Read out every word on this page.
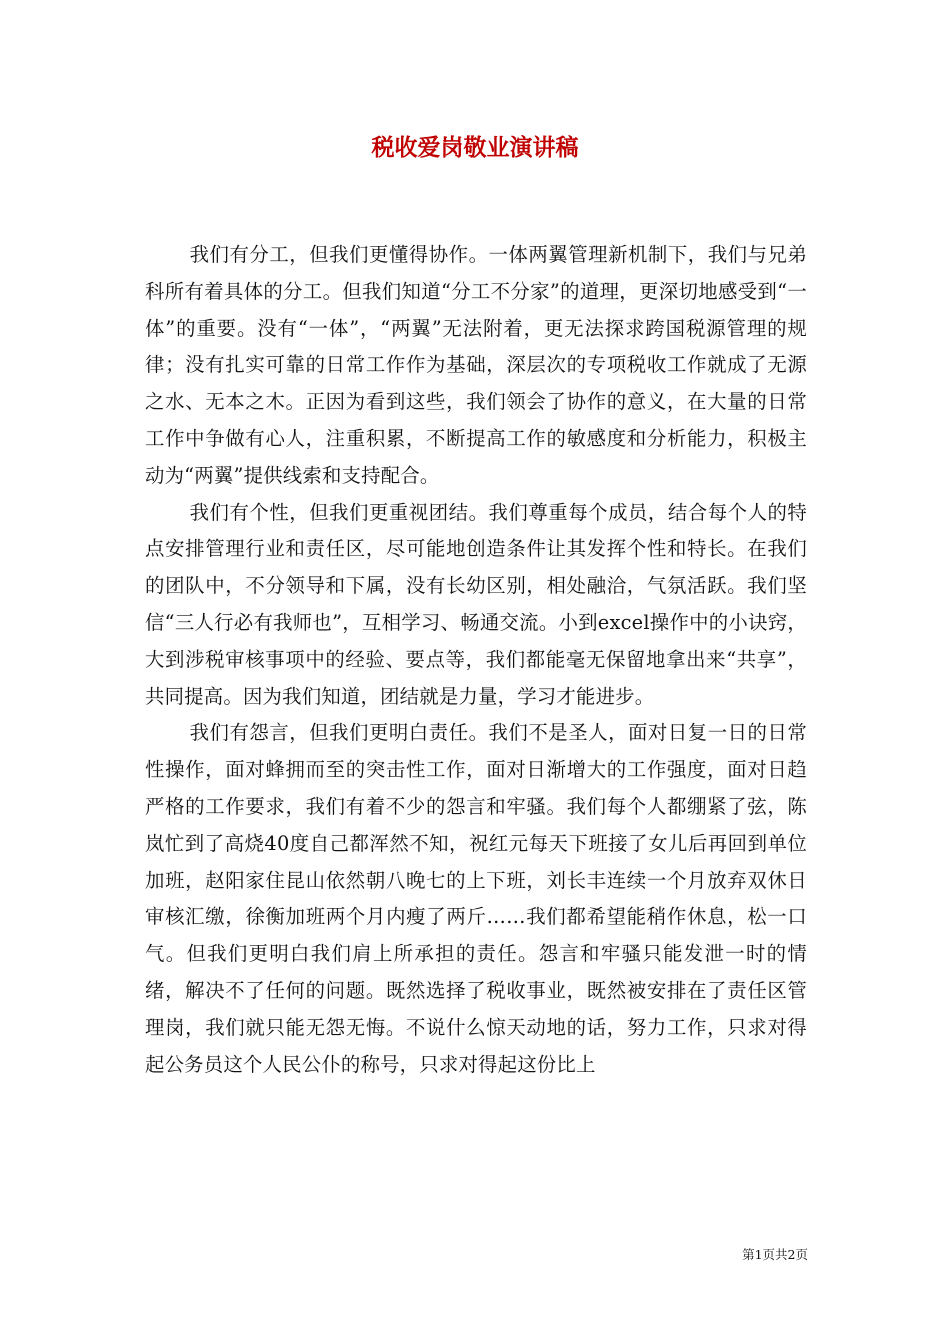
税收爱岗敬业演讲稿

我们有分工，但我们更懂得协作。一体两翼管理新机制下，我们与兄弟科所有着具体的分工。但我们知道“分工不分家”的道理，更深切地感受到“一体”的重要。没有“一体”，“两翼”无法附着，更无法探求跨国税源管理的规律；没有扎实可靠的日常工作作为基础，深层次的专项税收工作就成了无源之水、无本之木。正因为看到这些，我们领会了协作的意义，在大量的日常工作中争做有心人，注重积累，不断提高工作的敏感度和分析能力，积极主动为“两翼”提供线索和支持配合。

我们有个性，但我们更重视团结。我们尊重每个成员，结合每个人的特点安排管理行业和责任区，尽可能地创造条件让其发挥个性和特长。在我们的团队中，不分领导和下属，没有长幼区别，相处融洽，气氛活跃。我们坚信“三人行必有我师也”，互相学习、畅通交流。小到excel操作中的小诀窍，大到涉税审核事项中的经验、要点等，我们都能毫无保留地拿出来“共享”，共同提高。因为我们知道，团结就是力量，学习才能进步。

我们有怨言，但我们更明白责任。我们不是圣人，面对日复一日的日常性操作，面对蜂拥而至的突击性工作，面对日渐增大的工作强度，面对日趋严格的工作要求，我们有着不少的怨言和牢骚。我们每个人都绷紧了弦，陈岚忙到了高烧40度自己都浑然不知，祝红元每天下班接了女儿后再回到单位加班，赵阳家住昆山依然朝八晚七的上下班，刘长丰连续一个月放弃双休日审核汇缴，徐衡加班两个月内瘦了两斤……我们都希望能稍作休息，松一口气。但我们更明白我们肩上所承担的责任。怨言和牢骚只能发泄一时的情绪，解决不了任何的问题。既然选择了税收事业，既然被安排在了责任区管理岗，我们就只能无怨无悔。不说什么惊天动地的话，努力工作，只求对得起公务员这个人民公仆的称号，只求对得起这份比上

第1页共2页
